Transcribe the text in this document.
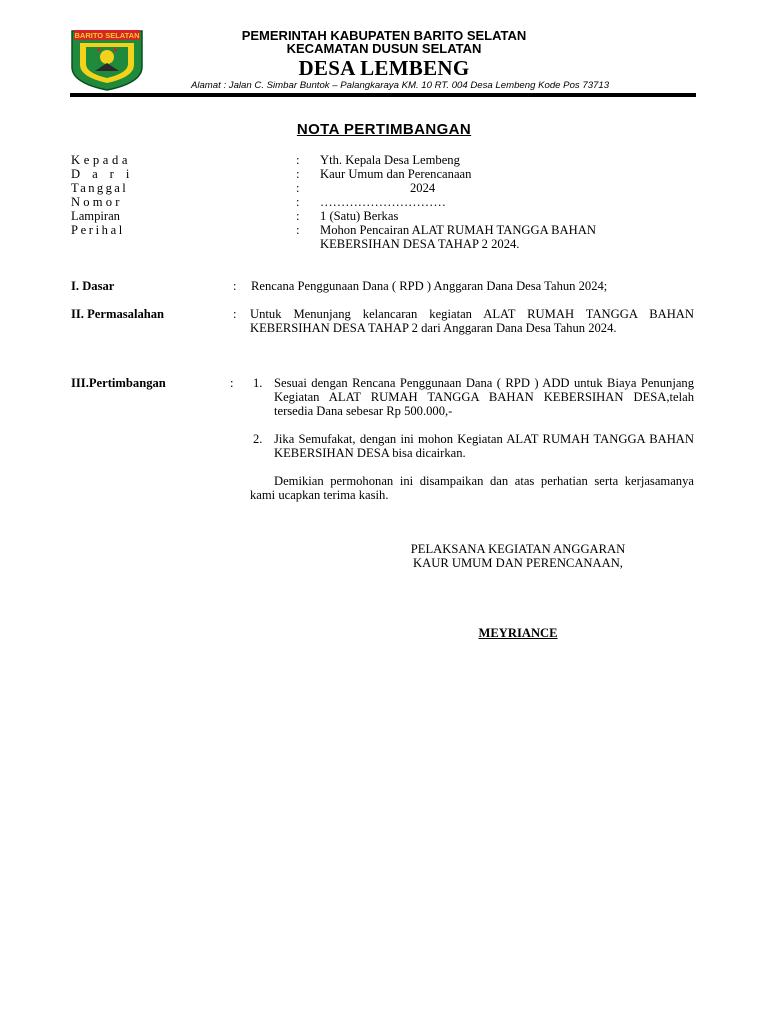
BARITO SELATAN	PEMERINTAH KABUPATEN BARITO SELATAN
KECAMATAN DUSUN SELATAN
DESA LEMBENG
Alamat : Jalan C. Simbar Buntok – Palangkaraya KM. 10 RT. 004 Desa Lembeng Kode Pos 73713
NOTA PERTIMBANGAN
Kepada	: Yth. Kepala Desa Lembeng
Dari	: Kaur Umum dan Perencanaan
Tanggal	:	2024
Nomor	: …………………………
Lampiran	: 1 (Satu) Berkas
Perihal	: Mohon Pencairan ALAT RUMAH TANGGA BAHAN KEBERSIHAN DESA TAHAP 2 2024.
I. Dasar	: Rencana Penggunaan Dana ( RPD ) Anggaran Dana Desa Tahun 2024;
II. Permasalahan	: Untuk Menunjang kelancaran kegiatan ALAT RUMAH TANGGA BAHAN KEBERSIHAN DESA TAHAP 2 dari Anggaran Dana Desa Tahun 2024.
III.Pertimbangan	: 1. Sesuai dengan Rencana Penggunaan Dana ( RPD ) ADD untuk Biaya Penunjang Kegiatan ALAT RUMAH TANGGA BAHAN KEBERSIHAN DESA,telah tersedia Dana sebesar Rp 500.000,-
2. Jika Semufakat, dengan ini mohon Kegiatan ALAT RUMAH TANGGA BAHAN KEBERSIHAN DESA bisa dicairkan.
Demikian permohonan ini disampaikan dan atas perhatian serta kerjasamanya kami ucapkan terima kasih.
PELAKSANA KEGIATAN ANGGARAN
KAUR UMUM DAN PERENCANAAN,
MEYRIANCE
